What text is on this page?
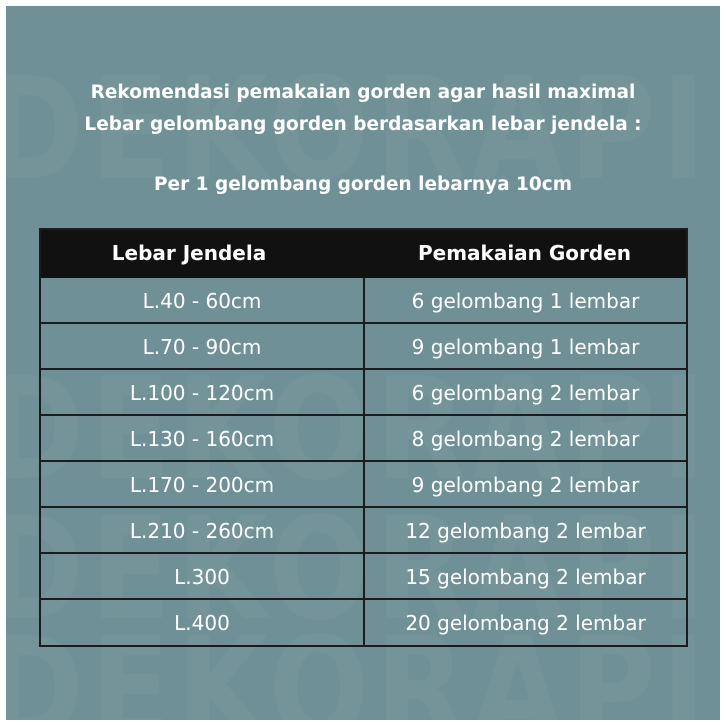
Rekomendasi pemakaian gorden agar hasil maximal
Lebar gelombang gorden berdasarkan lebar jendela :
Per 1 gelombang gorden lebarnya 10cm
Lebar Jendela	Pemakaian Gorden
L.40 - 60cm	6 gelombang 1 lembar
L.70 - 90cm	9 gelombang 1 lembar
L.100 - 120cm	6 gelombang 2 lembar
L.130 - 160cm	8 gelombang 2 lembar
L.170 - 200cm	9 gelombang 2 lembar
L.210 - 260cm	12 gelombang 2 lembar
L.300	15 gelombang 2 lembar
L.400	20 gelombang 2 lembar
